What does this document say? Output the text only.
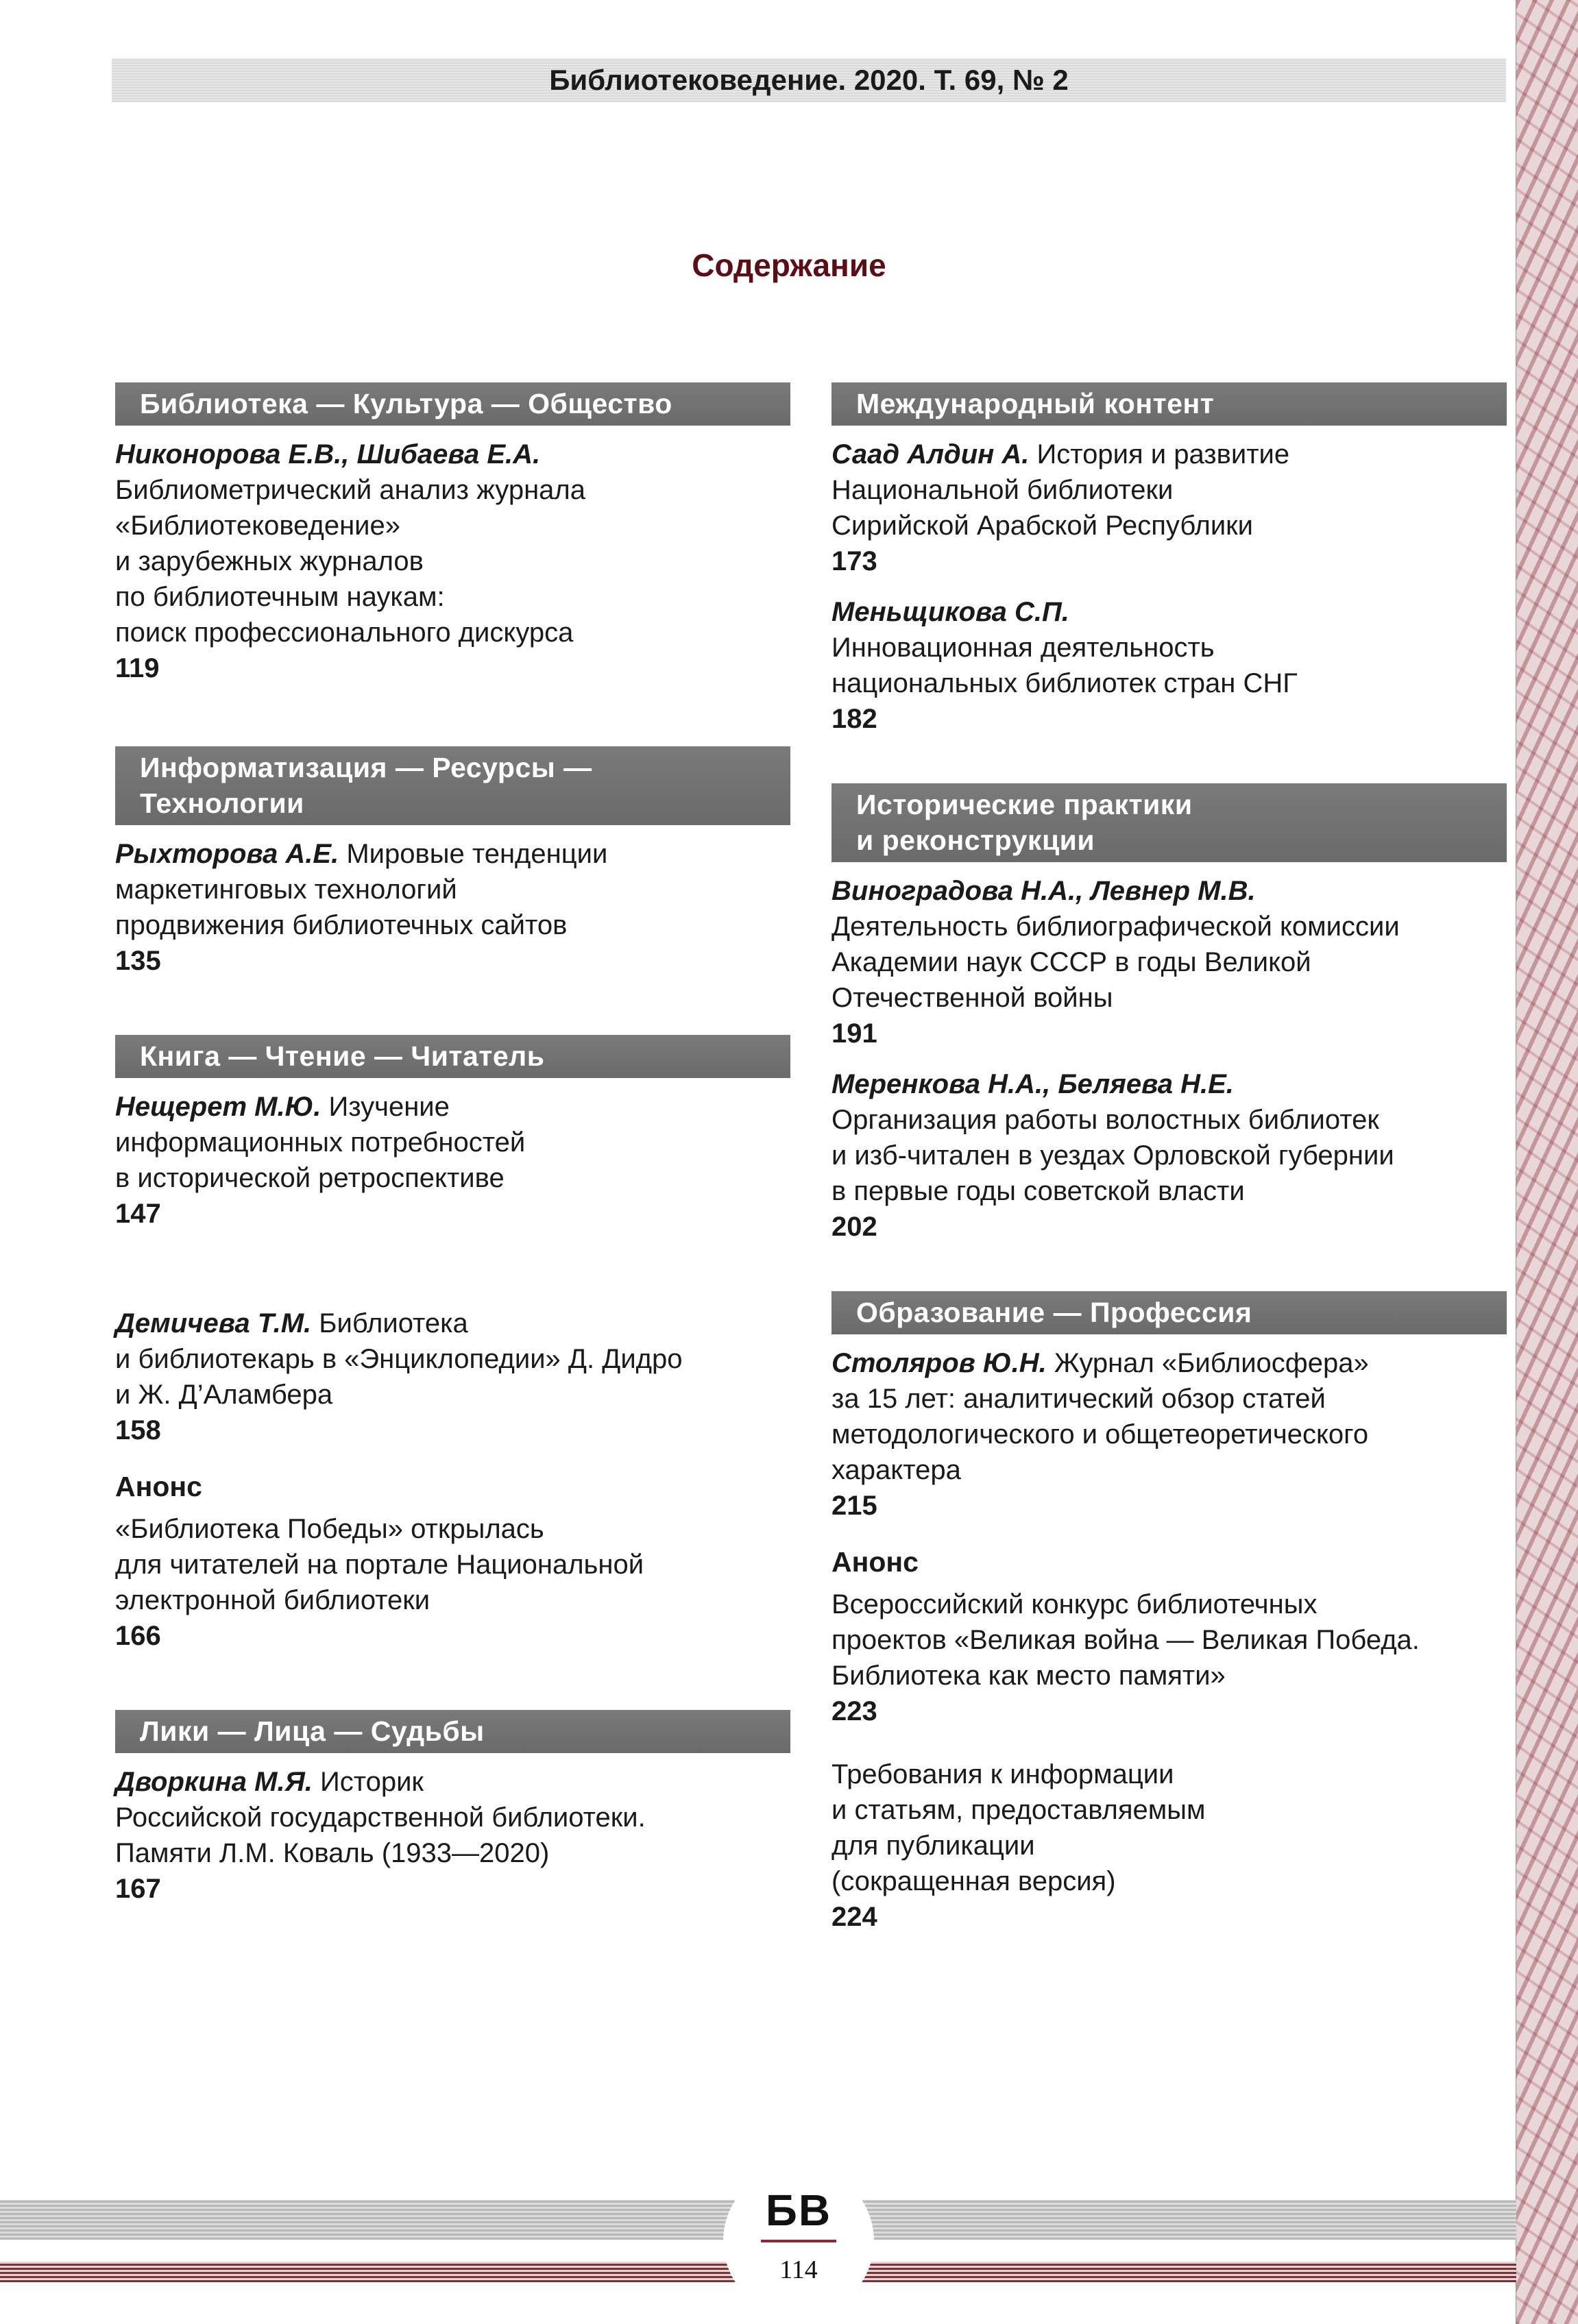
Библиотековедение. 2020. Т. 69, № 2
Содержание
Библиотека — Культура — Общество
Никонорова Е.В., Шибаева Е.А.
Библиометрический анализ журнала
«Библиотековедение»
и зарубежных журналов
по библиотечным наукам:
поиск профессионального дискурса
119
Информатизация — Ресурсы —
Технологии
Рыхторова А.Е. Мировые тенденции
маркетинговых технологий
продвижения библиотечных сайтов
135
Книга — Чтение — Читатель
Нещерет М.Ю. Изучение
информационных потребностей
в исторической ретроспективе
147
Демичева Т.М. Библиотека
и библиотекарь в «Энциклопедии» Д. Дидро
и Ж. Д’Аламбера
158
Анонс
«Библиотека Победы» открылась
для читателей на портале Национальной
электронной библиотеки
166
Лики — Лица — Судьбы
Дворкина М.Я. Историк
Российской государственной библиотеки.
Памяти Л.М. Коваль (1933—2020)
167
Международный контент
Саад Алдин А. История и развитие
Национальной библиотеки
Сирийской Арабской Республики
173
Меньщикова С.П.
Инновационная деятельность
национальных библиотек стран СНГ
182
Исторические практики
и реконструкции
Виноградова Н.А., Левнер М.В.
Деятельность библиографической комиссии
Академии наук СССР в годы Великой
Отечественной войны
191
Меренкова Н.А., Беляева Н.Е.
Организация работы волостных библиотек
и изб-читален в уездах Орловской губернии
в первые годы советской власти
202
Образование — Профессия
Столяров Ю.Н. Журнал «Библиосфера»
за 15 лет: аналитический обзор статей
методологического и общетеоретического
характера
215
Анонс
Всероссийский конкурс библиотечных
проектов «Великая война — Великая Победа.
Библиотека как место памяти»
223
Требования к информации
и статьям, предоставляемым
для публикации
(сокращенная версия)
224
БВ
114
